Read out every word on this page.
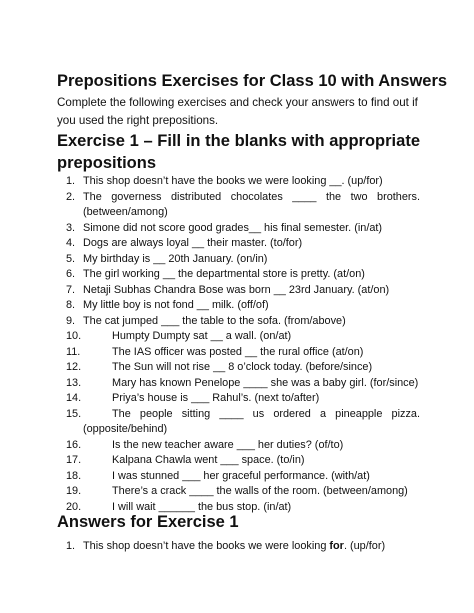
Prepositions Exercises for Class 10 with Answers

Complete the following exercises and check your answers to find out if you used the right prepositions.

Exercise 1 – Fill in the blanks with appropriate
prepositions
1. This shop doesn’t have the books we were looking __. (up/for)
2. The governess distributed chocolates ____ the two brothers.
(between/among)
3. Simone did not score good grades__ his final semester. (in/at)
4. Dogs are always loyal __ their master. (to/for)
5. My birthday is __ 20th January. (on/in)
6. The girl working __ the departmental store is pretty. (at/on)
7. Netaji Subhas Chandra Bose was born __ 23rd January. (at/on)
8. My little boy is not fond __ milk. (off/of)
9. The cat jumped ___ the table to the sofa. (from/above)
10.	Humpty Dumpty sat __ a wall. (on/at)
11.	The IAS officer was posted __ the rural office (at/on)
12.	The Sun will not rise __ 8 o’clock today. (before/since)
13.	Mary has known Penelope ____ she was a baby girl. (for/since)
14.	Priya’s house is ___ Rahul’s. (next to/after)
15.	The people sitting ____ us ordered a pineapple pizza.
(opposite/behind)
16.	Is the new teacher aware ___ her duties? (of/to)
17.	Kalpana Chawla went ___ space. (to/in)
18.	I was stunned ___ her graceful performance. (with/at)
19.	There’s a crack ____ the walls of the room. (between/among)
20.	I will wait ______ the bus stop. (in/at)
Answers for Exercise 1
1. This shop doesn’t have the books we were looking for. (up/for)
